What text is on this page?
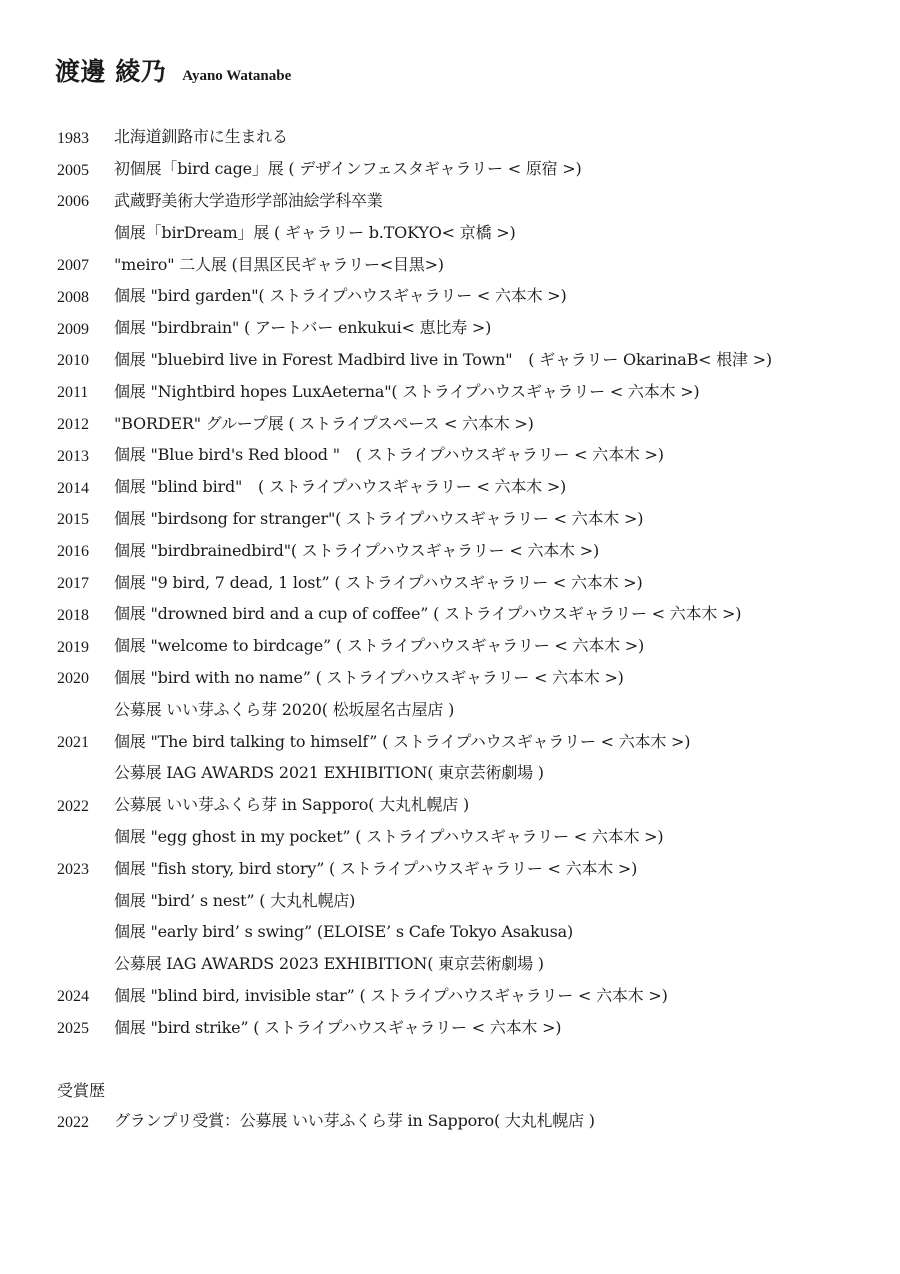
渡邊 綾乃 Ayano Watanabe
1983	北海道釧路市に生まれる
2005	初個展「bird cage」展 ( デザインフェスタギャラリー < 原宿 >)
2006	武蔵野美術大学造形学部油絵学科卒業
個展「birDream」展 ( ギャラリー b.TOKYO< 京橋 >)
2007	"meiro" 二人展 (目黒区民ギャラリー<目黒>)
2008	個展 "bird garden"( ストライプハウスギャラリー < 六本木 >)
2009	個展 "birdbrain" ( アートバー enkukui< 恵比寿 >)
2010	個展 "bluebird live in Forest Madbird live in Town"　( ギャラリー OkarinaB< 根津 >)
2011	個展 "Nightbird hopes LuxAeterna"( ストライプハウスギャラリー < 六本木 >)
2012	"BORDER" グループ展 ( ストライプスペース < 六本木 >)
2013	個展 "Blue bird's Red blood "　( ストライプハウスギャラリー < 六本木 >)
2014	個展 "blind bird"　( ストライプハウスギャラリー < 六本木 >)
2015	個展 "birdsong for stranger"( ストライプハウスギャラリー < 六本木 >)
2016	個展 "birdbrainedbird"( ストライプハウスギャラリー < 六本木 >)
2017	個展 "9 bird, 7 dead, 1 lost” ( ストライプハウスギャラリー < 六本木 >)
2018	個展 "drowned bird and a cup of coffee” ( ストライプハウスギャラリー < 六本木 >)
2019	個展 "welcome to birdcage” ( ストライプハウスギャラリー < 六本木 >)
2020	個展 "bird with no name” ( ストライプハウスギャラリー < 六本木 >)
公募展 いい芽ふくら芽 2020( 松坂屋名古屋店 )
2021	個展 "The bird talking to himself” ( ストライプハウスギャラリー < 六本木 >)
公募展 IAG AWARDS 2021 EXHIBITION( 東京芸術劇場 )
2022	公募展 いい芽ふくら芽 in Sapporo( 大丸札幌店 )
個展 "egg ghost in my pocket” ( ストライプハウスギャラリー < 六本木 >)
2023	個展 "fish story, bird story” ( ストライプハウスギャラリー < 六本木 >)
個展 "bird’ s nest” ( 大丸札幌店)
個展 "early bird’ s swing” (ELOISE’ s Cafe Tokyo Asakusa)
公募展 IAG AWARDS 2023 EXHIBITION( 東京芸術劇場 )
2024	個展 "blind bird, invisible star” ( ストライプハウスギャラリー < 六本木 >)
2025	個展 "bird strike” ( ストライプハウスギャラリー < 六本木 >)
受賞歴
2022	グランプリ受賞：公募展 いい芽ふくら芽 in Sapporo( 大丸札幌店 )
